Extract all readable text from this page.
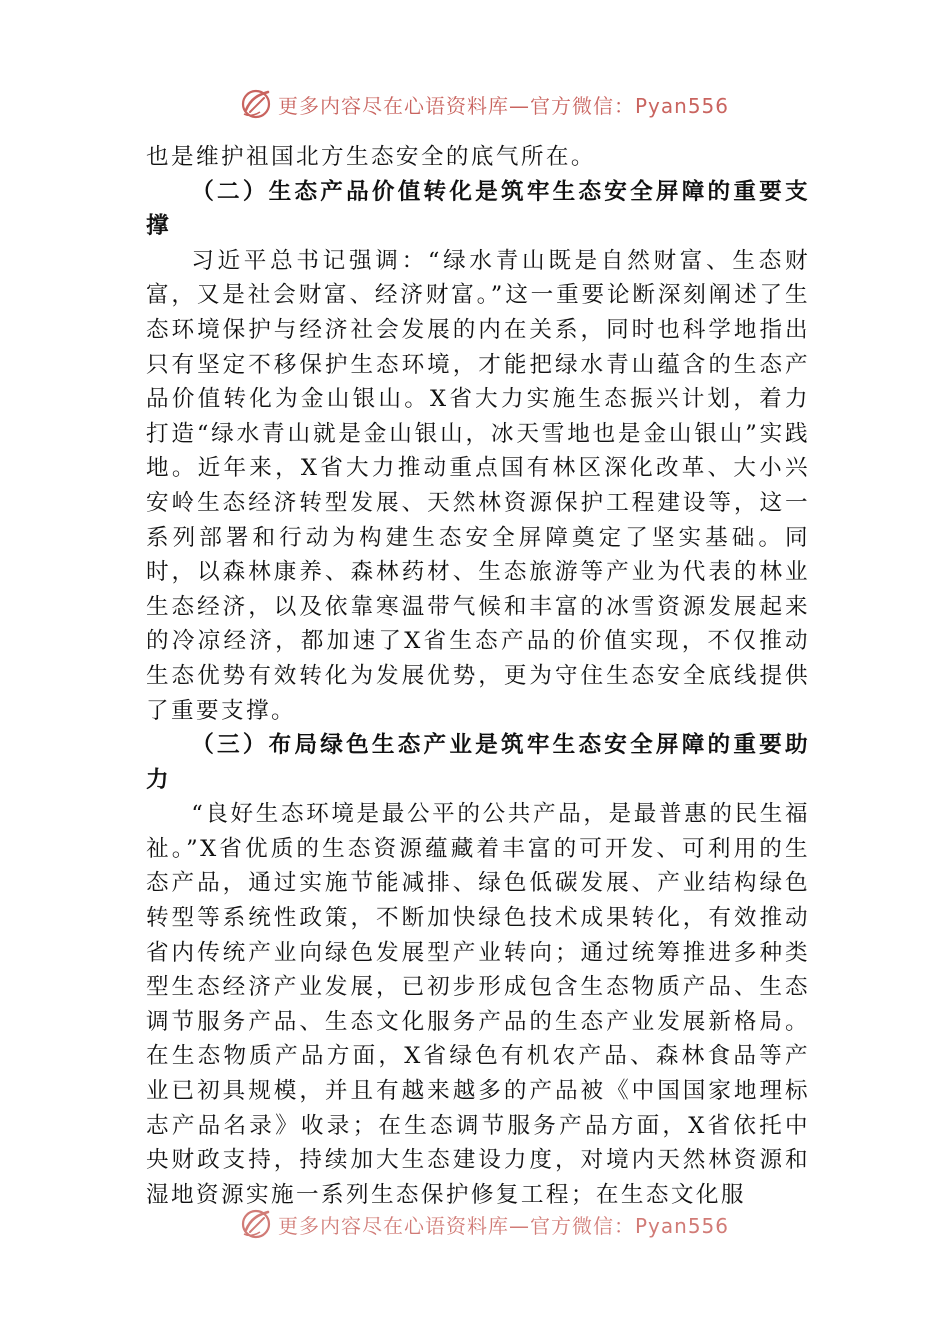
更多内容尽在心语资料库—官方微信：Pyan556

也是维护祖国北方生态安全的底气所在。

（二）生态产品价值转化是筑牢生态安全屏障的重要支撑

习近平总书记强调：“绿水青山既是自然财富、生态财富，又是社会财富、经济财富。”这一重要论断深刻阐述了生态环境保护与经济社会发展的内在关系，同时也科学地指出只有坚定不移保护生态环境，才能把绿水青山蕴含的生态产品价值转化为金山银山。X省大力实施生态振兴计划，着力打造“绿水青山就是金山银山，冰天雪地也是金山银山”实践地。近年来，X省大力推动重点国有林区深化改革、大小兴安岭生态经济转型发展、天然林资源保护工程建设等，这一系列部署和行动为构建生态安全屏障奠定了坚实基础。同时，以森林康养、森林药材、生态旅游等产业为代表的林业生态经济，以及依靠寒温带气候和丰富的冰雪资源发展起来的冷凉经济，都加速了X省生态产品的价值实现，不仅推动生态优势有效转化为发展优势，更为守住生态安全底线提供了重要支撑。

（三）布局绿色生态产业是筑牢生态安全屏障的重要助力

“良好生态环境是最公平的公共产品，是最普惠的民生福祉。”X省优质的生态资源蕴藏着丰富的可开发、可利用的生态产品，通过实施节能减排、绿色低碳发展、产业结构绿色转型等系统性政策，不断加快绿色技术成果转化，有效推动省内传统产业向绿色发展型产业转向；通过统筹推进多种类型生态经济产业发展，已初步形成包含生态物质产品、生态调节服务产品、生态文化服务产品的生态产业发展新格局。在生态物质产品方面，X省绿色有机农产品、森林食品等产业已初具规模，并且有越来越多的产品被《中国国家地理标志产品名录》收录；在生态调节服务产品方面，X省依托中央财政支持，持续加大生态建设力度，对境内天然林资源和湿地资源实施一系列生态保护修复工程；在生态文化服

更多内容尽在心语资料库—官方微信：Pyan556
